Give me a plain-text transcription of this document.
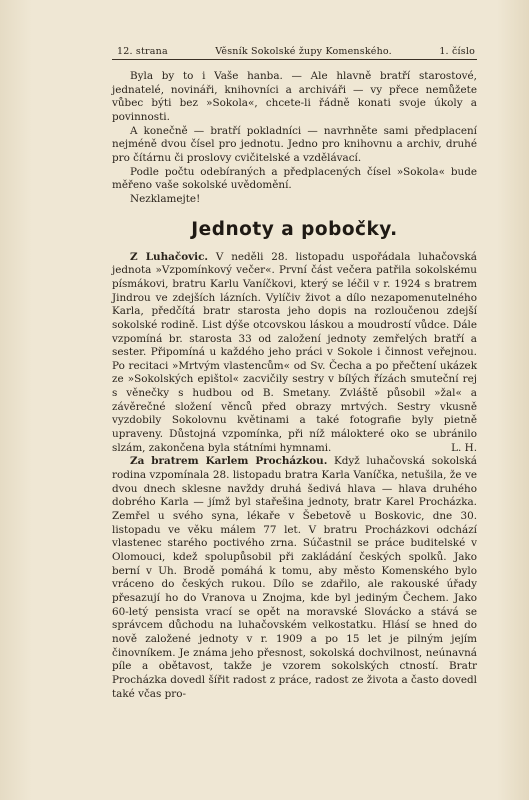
12. strana	Věsník Sokolské župy Komenského.	1. číslo

Byla by to i Vaše hanba. — Ale hlavně bratří starostové, jednatelé, novináři, knihovníci a archiváři — vy přece nemůžete vůbec býti bez »Sokola«, chcete-li řádně konati svoje úkoly a povinnosti.

A konečně — bratří pokladníci — navrhněte sami předplacení nejméně dvou čísel pro jednotu. Jedno pro knihovnu a archiv, druhé pro čítárnu či proslovy cvičitelské a vzdělávací.

Podle počtu odebíraných a předplacených čísel »Sokola« bude měřeno vaše sokolské uvědomění.

Nezklamejte!

Jednoty a pobočky.

Z Luhačovic. V neděli 28. listopadu uspořádala luhačovská jednota »Vzpomínkový večer«. První část večera patřila sokolskému písmákovi, bratru Karlu Vaníčkovi, který se léčil v r. 1924 s bratrem Jindrou ve zdejších lázních. Vylíčiv život a dílo nezapomenutelného Karla, předčítá bratr starosta jeho dopis na rozloučenou zdejší sokolské rodině. List dýše otcovskou láskou a moudrostí vůdce. Dále vzpomíná br. starosta 33 od založení jednoty zemřelých bratří a sester. Připomíná u každého jeho práci v Sokole i činnost veřejnou. Po recitaci »Mrtvým vlastencům« od Sv. Čecha a po přečtení ukázek ze »Sokolských epištol« zacvičily sestry v bílých řízách smuteční rej s věnečky s hudbou od B. Smetany. Zvláště působil »žal« a závěrečné složení věnců před obrazy mrtvých. Sestry vkusně vyzdobily Sokolovnu květinami a také fotografie byly pietně upraveny. Důstojná vzpomínka, při níž málokteré oko se ubránilo slzám, zakončena byla státními hymnami.	L. H.

Za bratrem Karlem Procházkou. Když luhačovská sokolská rodina vzpomínala 28. listopadu bratra Karla Vaníčka, netušila, že ve dvou dnech sklesne navždy druhá šedivá hlava — hlava druhého dobrého Karla — jímž byl stařešina jednoty, bratr Karel Procházka. Zemřel u svého syna, lékaře v Šebetově u Boskovic, dne 30. listopadu ve věku málem 77 let. V bratru Procházkovi odchází vlastenec starého poctivého zrna. Súčastnil se práce buditelské v Olomouci, kdež spolupůsobil při zakládání českých spolků. Jako berní v Uh. Brodě pomáhá k tomu, aby město Komenského bylo vráceno do českých rukou. Dílo se zdařilo, ale rakouské úřady přesazují ho do Vranova u Znojma, kde byl jediným Čechem. Jako 60-letý pensista vrací se opět na moravské Slovácko a stává se správcem důchodu na luhačovském velkostatku. Hlásí se hned do nově založené jednoty v r. 1909 a po 15 let je pilným jejím činovníkem. Je známa jeho přesnost, sokolská dochvilnost, neúnavná píle a obětavost, takže je vzorem sokolských ctností. Bratr Procházka dovedl šířit radost z práce, radost ze života a často dovedl také včas pro-
